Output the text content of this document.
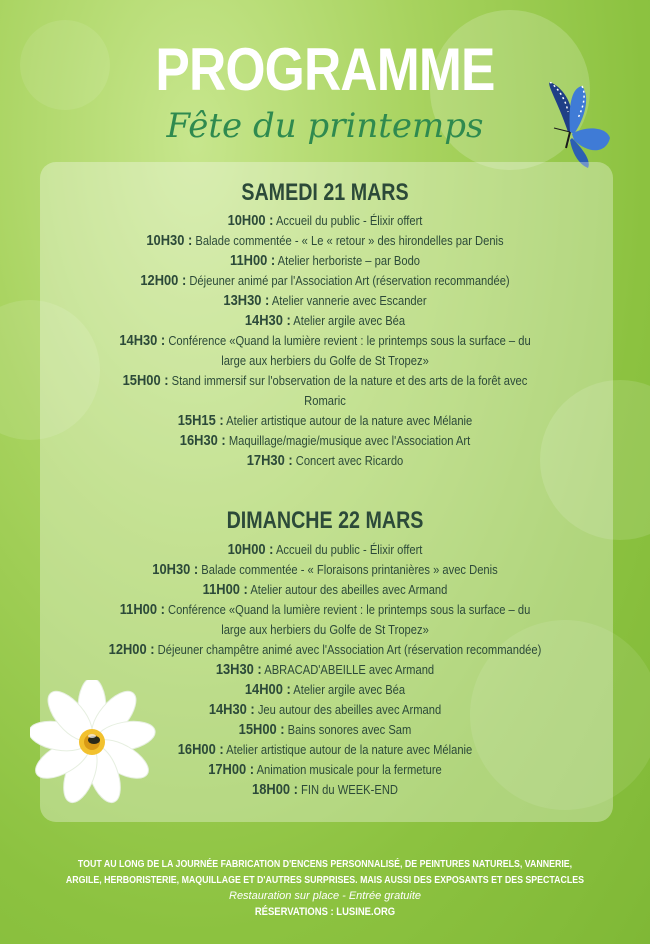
PROGRAMME
Fête du printemps
SAMEDI 21 MARS
10H00 : Accueil du public - Élixir offert
10H30 : Balade commentée - « Le « retour » des hirondelles par Denis
11H00 : Atelier herboriste – par Bodo
12H00 : Déjeuner animé par l'Association Art (réservation recommandée)
13H30 : Atelier vannerie avec Escander
14H30 : Atelier argile avec Béa
14H30 : Conférence «Quand la lumière revient : le printemps sous la surface – du
large aux herbiers du Golfe de St Tropez»
15H00 : Stand immersif sur l'observation de la nature et des arts de la forêt avec
Romaric
15H15 : Atelier artistique autour de la nature avec Mélanie
16H30 : Maquillage/magie/musique avec l'Association Art
17H30 : Concert avec Ricardo
DIMANCHE 22 MARS
10H00 : Accueil du public - Élixir offert
10H30 : Balade commentée - « Floraisons printanières » avec Denis
11H00 : Atelier autour des abeilles avec Armand
11H00 : Conférence «Quand la lumière revient : le printemps sous la surface – du
large aux herbiers du Golfe de St Tropez»
12H00 : Déjeuner champêtre animé avec l'Association Art (réservation recommandée)
13H30 : ABRACAD'ABEILLE avec Armand
14H00 : Atelier argile avec Béa
14H30 : Jeu autour des abeilles avec Armand
15H00 : Bains sonores avec Sam
16H00 : Atelier artistique autour de la nature avec Mélanie
17H00 : Animation musicale pour la fermeture
18H00 : FIN du WEEK-END
TOUT AU LONG DE LA JOURNÉE FABRICATION D'ENCENS PERSONNALISÉ, DE PEINTURES NATURELS, VANNERIE,
ARGILE, HERBORISTERIE, MAQUILLAGE ET D'AUTRES SURPRISES. MAIS AUSSI DES EXPOSANTS ET DES SPECTACLES
Restauration sur place - Entrée gratuite
RÉSERVATIONS : LUSINE.ORG
